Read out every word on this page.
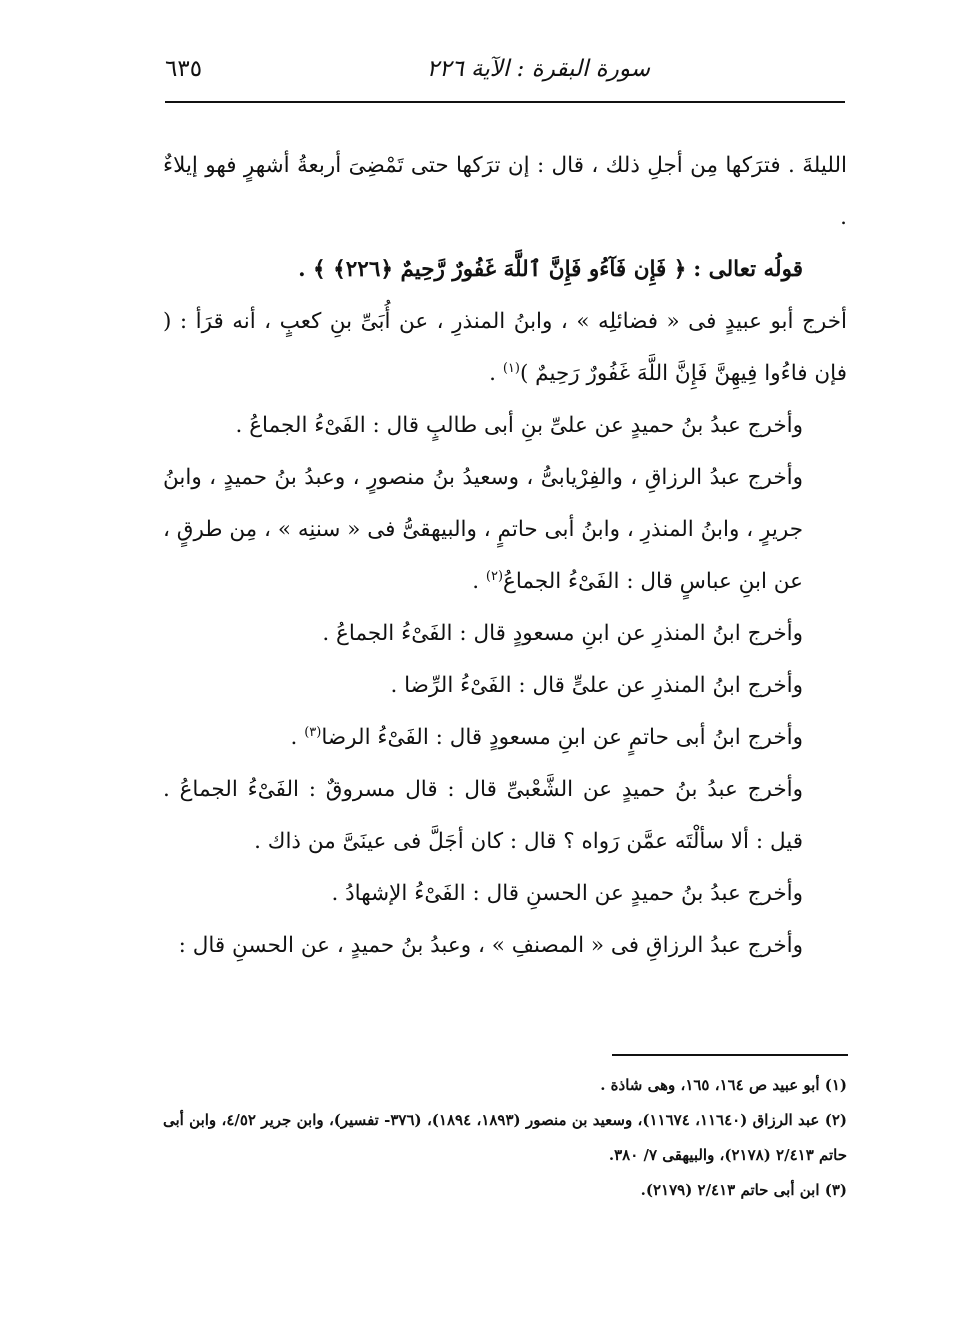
سورة البقرة : الآية ٢٢٦
٦٣٥

الليلةَ . فترَكها مِن أجلِ ذلك ، قال : إن ترَكها حتى تَمْضِىَ أربعةُ أشهرٍ فهو إيلاءٌ .

قولُه تعالى : ﴿ فَإِن فَآءُو فَإِنَّ ٱللَّهَ غَفُورٌ رَّحِيمٌ ﴿٢٢٦﴾ ﴾ .

أخرج أبو عبيدٍ فى « فضائلِه » ، وابنُ المنذرِ ، عن أُبَىِّ بنِ كعبٍ ، أنه قرَأ : ( فإن فاءُوا فِيهِنَّ فَإِنَّ اللَّهَ غَفُورٌ رَحِيمٌ )$^{(١)}$ .

وأخرج عبدُ بنُ حميدٍ عن علىِّ بنِ أبى طالبٍ قال : الفَىْءُ الجماعُ .

وأخرج عبدُ الرزاقِ ، والفِرْيابىُّ ، وسعيدُ بنُ منصورٍ ، وعبدُ بنُ حميدٍ ، وابنُ جريرٍ ، وابنُ المنذرِ ، وابنُ أبى حاتمٍ ، والبيهقىُّ فى « سننِه » ، مِن طرقٍ ، عن ابنِ عباسٍ قال : الفَىْءُ الجماعُ$^{(٢)}$ .

وأخرج ابنُ المنذرِ عن ابنِ مسعودٍ قال : الفَىْءُ الجماعُ .

وأخرج ابنُ المنذرِ عن علىٍّ قال : الفَىْءُ الرِّضا .

وأخرج ابنُ أبى حاتمٍ عن ابنِ مسعودٍ قال : الفَىْءُ الرضا$^{(٣)}$ .

وأخرج عبدُ بنُ حميدٍ عن الشَّعْبىِّ قال : قال مسروقٌ : الفَىْءُ الجماعُ . قيل : ألا سألْتَه عمَّن رَواه ؟ قال : كان أجَلَّ فى عينَىَّ من ذاك .

وأخرج عبدُ بنُ حميدٍ عن الحسنِ قال : الفَىْءُ الإشهادُ .

وأخرج عبدُ الرزاقِ فى « المصنفِ » ، وعبدُ بنُ حميدٍ ، عن الحسنِ قال :

(١) أبو عبيد ص ١٦٤، ١٦٥، وهى شاذة .

(٢) عبد الرزاق (١١٦٤٠، ١١٦٧٤)، وسعيد بن منصور (١٨٩٣، ١٨٩٤)، (٣٧٦- تفسير)، وابن جرير ٤/٥٢، وابن أبى حاتم ٢/٤١٣ (٢١٧٨)، والبيهقى ٧/ ٣٨٠.

(٣) ابن أبى حاتم ٢/٤١٣ (٢١٧٩).
